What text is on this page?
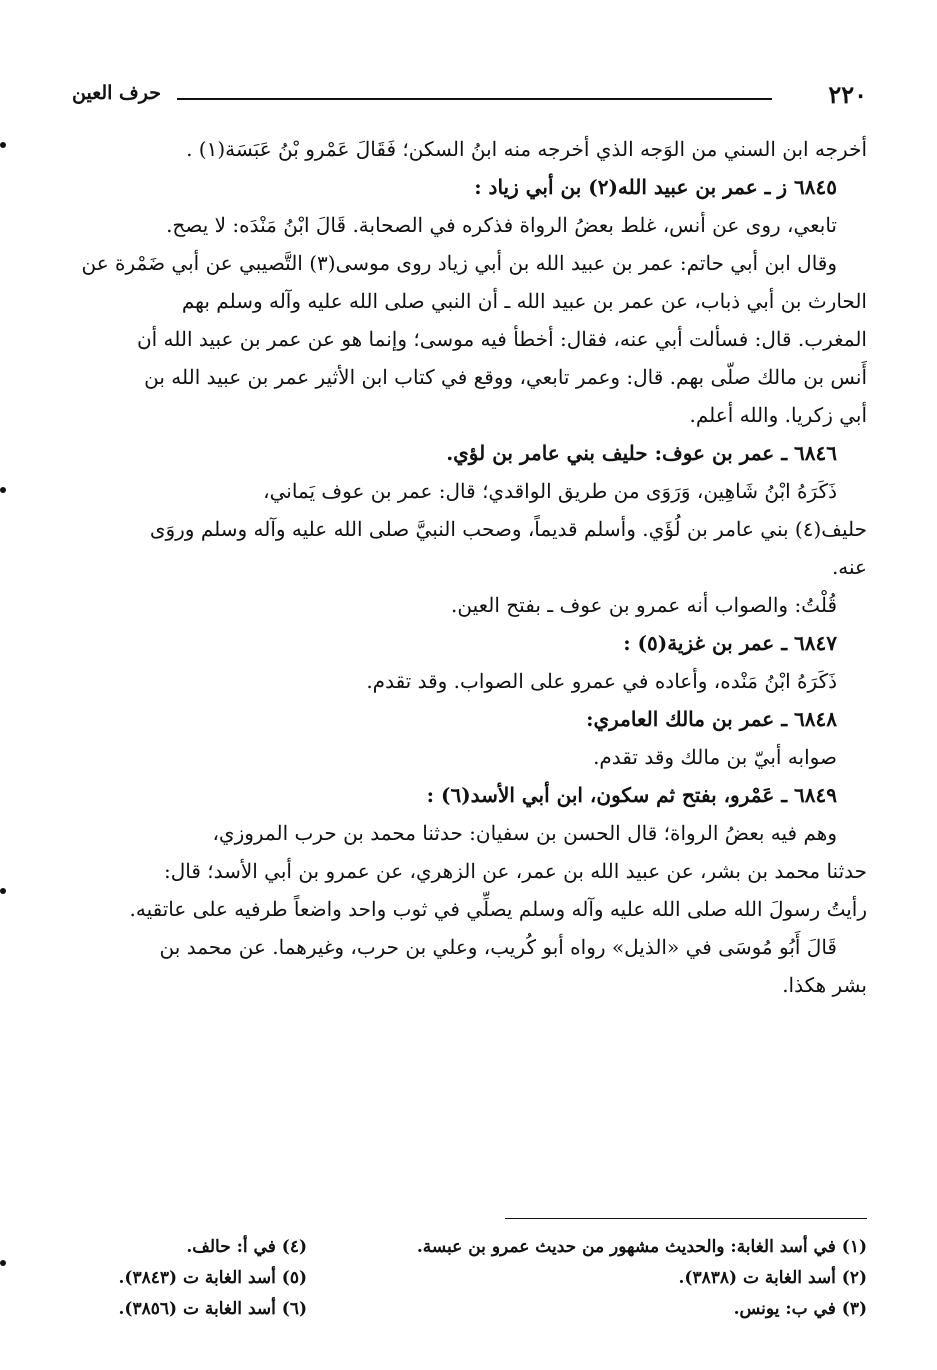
٢٢٠
حرف العين
أخرجه ابن السني من الوَجه الذي أخرجه منه ابنُ السكن؛ فَقَالَ عَمْرو بْنُ عَبَسَة(١) .
٦٨٤٥ ز ـ عمر بن عبيد الله(٢) بن أبي زياد :
تابعي، روى عن أنس، غلط بعضُ الرواة فذكره في الصحابة. قَالَ ابْنُ مَنْدَه: لا يصح.
وقال ابن أبي حاتم: عمر بن عبيد الله بن أبي زياد روى موسى(٣) التَّصيبي عن أبي ضَمْرة عن
الحارث بن أبي ذباب، عن عمر بن عبيد الله ـ أن النبي صلى الله عليه وآله وسلم بهم
المغرب. قال: فسألت أبي عنه، فقال: أخطأ فيه موسى؛ وإنما هو عن عمر بن عبيد الله أن
أَنس بن مالك صلّى بهم. قال: وعمر تابعي، ووقع في كتاب ابن الأثير عمر بن عبيد الله بن
أبي زكريا. والله أعلم.
٦٨٤٦ ـ عمر بن عوف: حليف بني عامر بن لؤي.
ذَكَرَهُ ابْنُ شَاهِين، وَرَوَى من طريق الواقدي؛ قال: عمر بن عوف يَماني،
حليف(٤) بني عامر بن لُؤَي. وأسلم قديماً، وصحب النبيَّ صلى الله عليه وآله وسلم وروَى
عنه.
قُلْتُ: والصواب أنه عمرو بن عوف ـ بفتح العين.
٦٨٤٧ ـ عمر بن غزية(٥) :
ذَكَرَهُ ابْنُ مَنْده، وأعاده في عمرو على الصواب. وقد تقدم.
٦٨٤٨ ـ عمر بن مالك العامري:
صوابه أبيّ بن مالك وقد تقدم.
٦٨٤٩ ـ عَمْرو، بفتح ثم سكون، ابن أبي الأسد(٦) :
وهم فيه بعضُ الرواة؛ قال الحسن بن سفيان: حدثنا محمد بن حرب المروزي،
حدثنا محمد بن بشر، عن عبيد الله بن عمر، عن الزهري، عن عمرو بن أبي الأسد؛ قال:
رأيتُ رسولَ الله صلى الله عليه وآله وسلم يصلِّي في ثوب واحد واضعاً طرفيه على عاتقيه.
قَالَ أَبُو مُوسَى في «الذيل» رواه أبو كُريب، وعلي بن حرب، وغيرهما. عن محمد بن
بشر هكذا.
(١) في أسد الغابة: والحديث مشهور من حديث عمرو بن عبسة.
(٢) أسد الغابة ت (٣٨٣٨).
(٣) في ب: يونس.
(٤) في أ: حالف.
(٥) أسد الغابة ت (٣٨٤٣).
(٦) أسد الغابة ت (٣٨٥٦).
